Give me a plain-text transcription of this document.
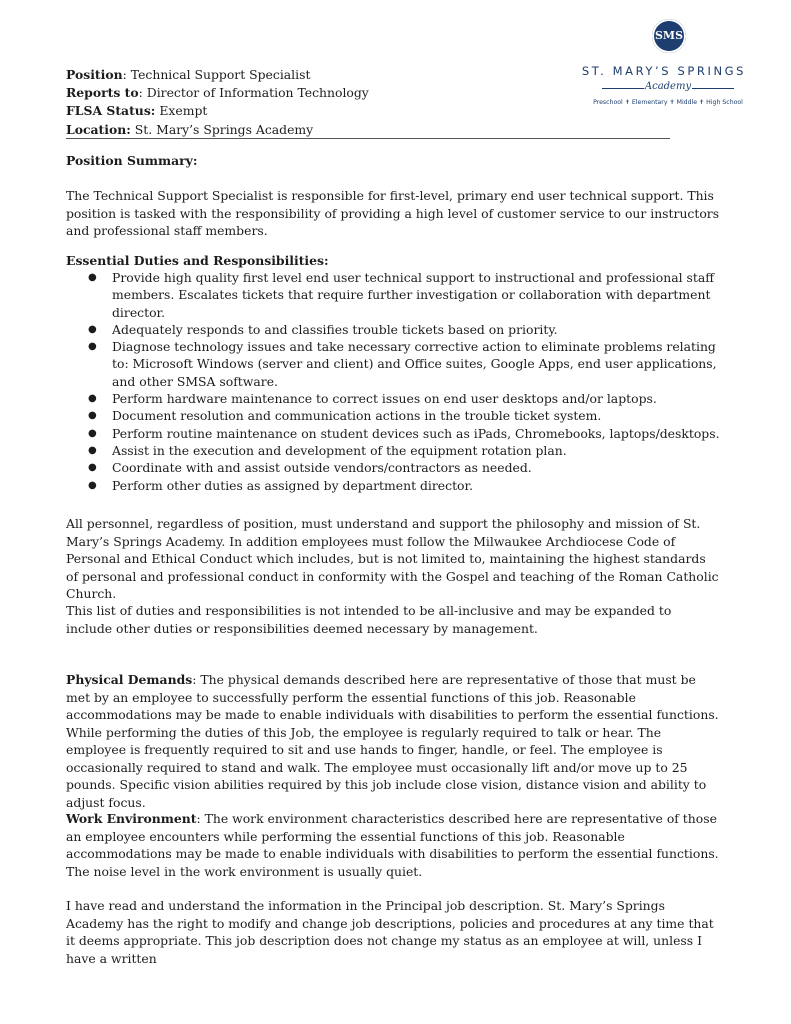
Position: Technical Support Specialist
Reports to: Director of Information Technology
FLSA Status: Exempt
Location: St. Mary’s Springs Academy
SMS
ST. MARY’S SPRINGS
Academy
Preschool ✝ Elementary ✝ Middle ✝ High School
Position Summary:
The Technical Support Specialist is responsible for first-level, primary end user technical support. This position is tasked with the responsibility of providing a high level of customer service to our instructors and professional staff members.
Essential Duties and Responsibilities:
● Provide high quality first level end user technical support to instructional and professional staff members. Escalates tickets that require further investigation or collaboration with department director.
● Adequately responds to and classifies trouble tickets based on priority.
● Diagnose technology issues and take necessary corrective action to eliminate problems relating to: Microsoft Windows (server and client) and Office suites, Google Apps, end user applications, and other SMSA software.
● Perform hardware maintenance to correct issues on end user desktops and/or laptops.
● Document resolution and communication actions in the trouble ticket system.
● Perform routine maintenance on student devices such as iPads, Chromebooks, laptops/desktops.
● Assist in the execution and development of the equipment rotation plan.
● Coordinate with and assist outside vendors/contractors as needed.
● Perform other duties as assigned by department director.
All personnel, regardless of position, must understand and support the philosophy and mission of St. Mary’s Springs Academy. In addition employees must follow the Milwaukee Archdiocese Code of Personal and Ethical Conduct which includes, but is not limited to, maintaining the highest standards of personal and professional conduct in conformity with the Gospel and teaching of the Roman Catholic Church.
This list of duties and responsibilities is not intended to be all-inclusive and may be expanded to include other duties or responsibilities deemed necessary by management.
Physical Demands: The physical demands described here are representative of those that must be met by an employee to successfully perform the essential functions of this job. Reasonable accommodations may be made to enable individuals with disabilities to perform the essential functions. While performing the duties of this Job, the employee is regularly required to talk or hear. The employee is frequently required to sit and use hands to finger, handle, or feel. The employee is occasionally required to stand and walk. The employee must occasionally lift and/or move up to 25 pounds. Specific vision abilities required by this job include close vision, distance vision and ability to adjust focus.
Work Environment: The work environment characteristics described here are representative of those an employee encounters while performing the essential functions of this job. Reasonable accommodations may be made to enable individuals with disabilities to perform the essential functions. The noise level in the work environment is usually quiet.
I have read and understand the information in the Principal job description. St. Mary’s Springs Academy has the right to modify and change job descriptions, policies and procedures at any time that it deems appropriate. This job description does not change my status as an employee at will, unless I have a written
